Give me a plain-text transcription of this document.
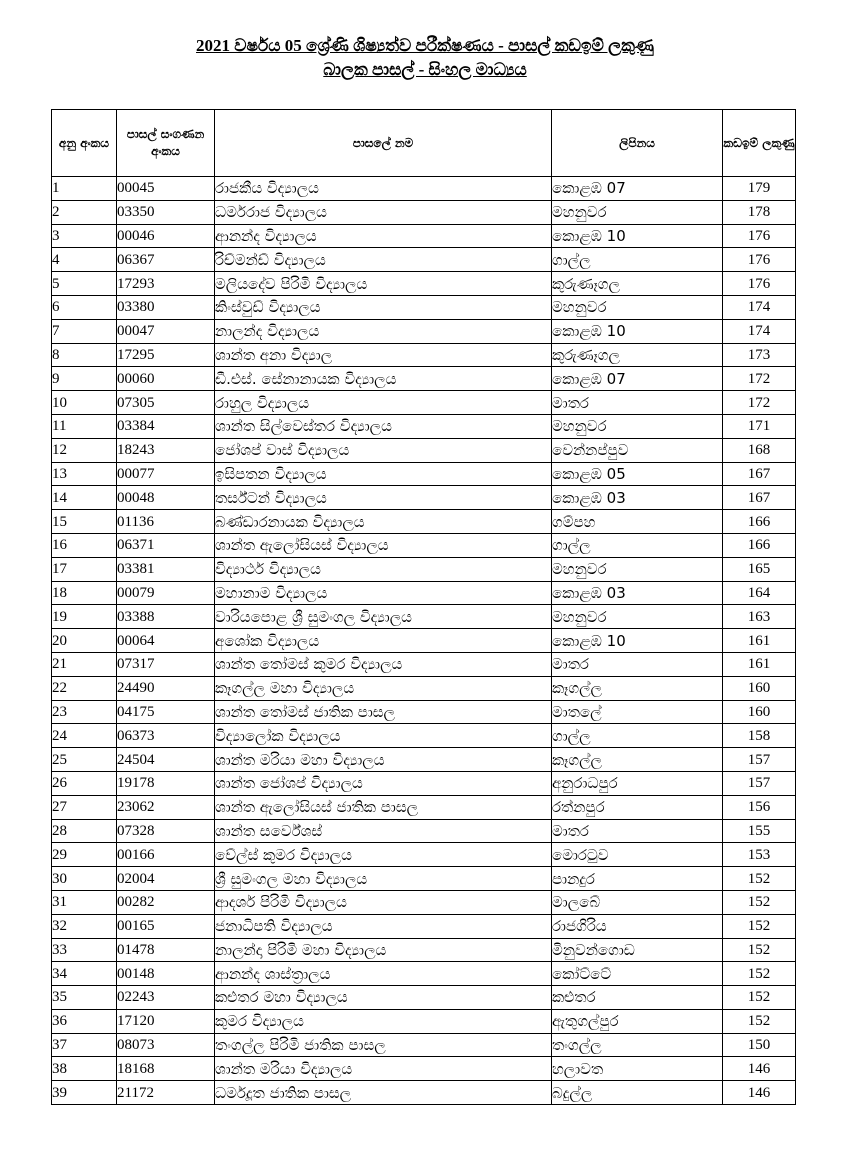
2021 වර්ෂය 05 ශ්‍රේණි ශිෂ්‍යත්ව පරීක්ෂණය - පාසල් කඩඉම් ලකුණු
බාලක පාසල් - සිංහල මාධ්‍යය
අනු අංකය	පාසල් සංගණන අංකය	පාසලේ නම	ලිපිනය	කඩඉම් ලකුණු
1	00045	රාජකීය විද්‍යාලය	කොළඹ 07	179
2	03350	ධර්මරාජ විද්‍යාලය	මහනුවර	178
3	00046	ආනන්ද විද්‍යාලය	කොළඹ 10	176
4	06367	රිච්මන්ඩ් විද්‍යාලය	ගාල්ල	176
5	17293	මලියදේව පිරිමි විද්‍යාලය	කුරුණෑගල	176
6	03380	කිංස්වුඩ් විද්‍යාලය	මහනුවර	174
7	00047	නාලන්ද විද්‍යාලය	කොළඹ 10	174
8	17295	ශාන්ත අනා විද්‍යාල	කුරුණෑගල	173
9	00060	ඩී.එස්. සේනානායක විද්‍යාලය	කොළඹ 07	172
10	07305	රාහුල විද්‍යාලය	මාතර	172
11	03384	ශාන්ත සිල්වෙස්තර විද්‍යාලය	මහනුවර	171
12	18243	ජෝශප් වාස් විද්‍යාලය	වෙන්නප්පුව	168
13	00077	ඉසිපතන විද්‍යාලය	කොළඹ 05	167
14	00048	තර්ස්ටන් විද්‍යාලය	කොළඹ 03	167
15	01136	බණ්ඩාරනායක විද්‍යාලය	ගම්පහ	166
16	06371	ශාන්ත ඇලෝසියස් විද්‍යාලය	ගාල්ල	166
17	03381	විද්‍යාර්ථ විද්‍යාලය	මහනුවර	165
18	00079	මහානාම විද්‍යාලය	කොළඹ 03	164
19	03388	වාරියපොළ ශ්‍රී සුමංගල විද්‍යාලය	මහනුවර	163
20	00064	අශෝක විද්‍යාලය	කොළඹ 10	161
21	07317	ශාන්ත තෝමස් කුමර විද්‍යාලය	මාතර	161
22	24490	කෑගල්ල මහා විද්‍යාලය	කෑගල්ල	160
23	04175	ශාන්ත තෝමස් ජාතික පාසල	මාතලේ	160
24	06373	විද්‍යාලෝක විද්‍යාලය	ගාල්ල	158
25	24504	ශාන්ත මරියා මහා විද්‍යාලය	කෑගල්ල	157
26	19178	ශාන්ත ජෝශප් විද්‍යාලය	අනුරාධපුර	157
27	23062	ශාන්ත ඇලෝසියස් ජාතික පාසල	රත්නපුර	156
28	07328	ශාන්ත සර්වේශස්	මාතර	155
29	00166	වේල්ස් කුමර විද්‍යාලය	මොරටුව	153
30	02004	ශ්‍රී සුමංගල මහා විද්‍යාලය	පානදුර	152
31	00282	ආදර්ශ පිරිමි විද්‍යාලය	මාලබේ	152
32	00165	ජනාධිපති විද්‍යාලය	රාජගිරිය	152
33	01478	නාලන්දා පිරිමි මහා විද්‍යාලය	මිනුවන්ගොඩ	152
34	00148	ආනන්ද ශාස්ත්‍රාලය	කෝට්ටේ	152
35	02243	කළුතර මහා විද්‍යාලය	කළුතර	152
36	17120	කුමර විද්‍යාලය	ඇතුගල්පුර	152
37	08073	තංගල්ල පිරිමි ජාතික පාසල	තංගල්ල	150
38	18168	ශාන්ත මරියා විද්‍යාලය	හලාවත	146
39	21172	ධර්මදූත ජාතික පාසල	බදුල්ල	146
